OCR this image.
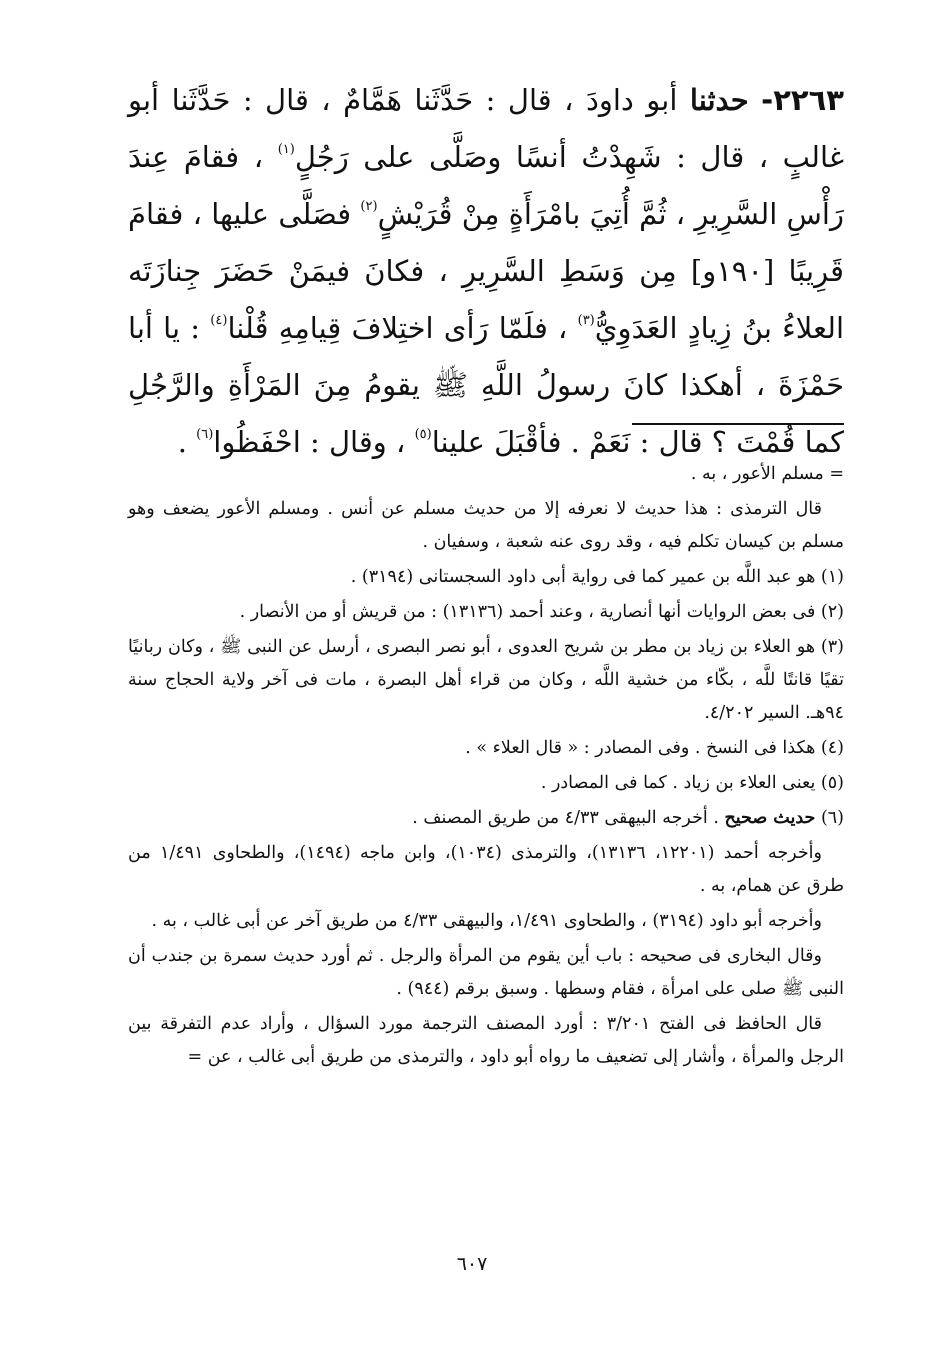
٢٢٦٣- حدثنا أبو داودَ ، قال : حَدَّثَنا هَمَّامٌ ، قال : حَدَّثَنا أبو غالبٍ ، قال : شَهِدْتُ أنسًا وصَلَّى على رَجُلٍ$^{(١)}$ ، فقامَ عِندَ رَأْسِ السَّرِيرِ ، ثُمَّ أُتِيَ بامْرَأَةٍ مِنْ قُرَيْشٍ$^{(٢)}$ فصَلَّى عليها ، فقامَ قَرِيبًا [١٩٠و] مِن وَسَطِ السَّرِيرِ ، فكانَ فيمَنْ حَضَرَ جِنازَتَه العلاءُ بنُ زِيادٍ العَدَوِيُّ$^{(٣)}$ ، فلَمّا رَأى اختِلافَ قِيامِهِ قُلْنا$^{(٤)}$ : يا أبا حَمْزَةَ ، أهكذا كانَ رسولُ اللَّهِ ﷺ يقومُ مِنَ المَرْأَةِ والرَّجُلِ كما قُمْتَ ؟ قال : نَعَمْ . فأقْبَلَ علينا$^{(٥)}$ ، وقال : احْفَظُوا$^{(٦)}$ .

= مسلم الأعور ، به .

قال الترمذى : هذا حديث لا نعرفه إلا من حديث مسلم عن أنس . ومسلم الأعور يضعف وهو مسلم بن كيسان تكلم فيه ، وقد روى عنه شعبة ، وسفيان .

(١) هو عبد اللَّه بن عمير كما فى رواية أبى داود السجستانى (٣١٩٤) .

(٢) فى بعض الروايات أنها أنصارية ، وعند أحمد (١٣١٣٦) : من قريش أو من الأنصار .

(٣) هو العلاء بن زياد بن مطر بن شريح العدوى ، أبو نصر البصرى ، أرسل عن النبى ﷺ ، وكان ربانيًا تقيًا قانتًا للَّه ، بكّاء من خشية اللَّه ، وكان من قراء أهل البصرة ، مات فى آخر ولاية الحجاج سنة ٩٤هـ. السير ٤/٢٠٢.

(٤) هكذا فى النسخ . وفى المصادر : « قال العلاء » .

(٥) يعنى العلاء بن زياد . كما فى المصادر .

(٦) حديث صحيح . أخرجه البيهقى ٤/٣٣ من طريق المصنف .

وأخرجه أحمد (١٢٢٠١، ١٣١٣٦)، والترمذى (١٠٣٤)، وابن ماجه (١٤٩٤)، والطحاوى ١/٤٩١ من طرق عن همام، به .

وأخرجه أبو داود (٣١٩٤) ، والطحاوى ١/٤٩١، والبيهقى ٤/٣٣ من طريق آخر عن أبى غالب ، به .

وقال البخارى فى صحيحه : باب أين يقوم من المرأة والرجل . ثم أورد حديث سمرة بن جندب أن النبى ﷺ صلى على امرأة ، فقام وسطها . وسبق برقم (٩٤٤) .

قال الحافظ فى الفتح ٣/٢٠١ : أورد المصنف الترجمة مورد السؤال ، وأراد عدم التفرقة بين الرجل والمرأة ، وأشار إلى تضعيف ما رواه أبو داود ، والترمذى من طريق أبى غالب ، عن =

٦٠٧
